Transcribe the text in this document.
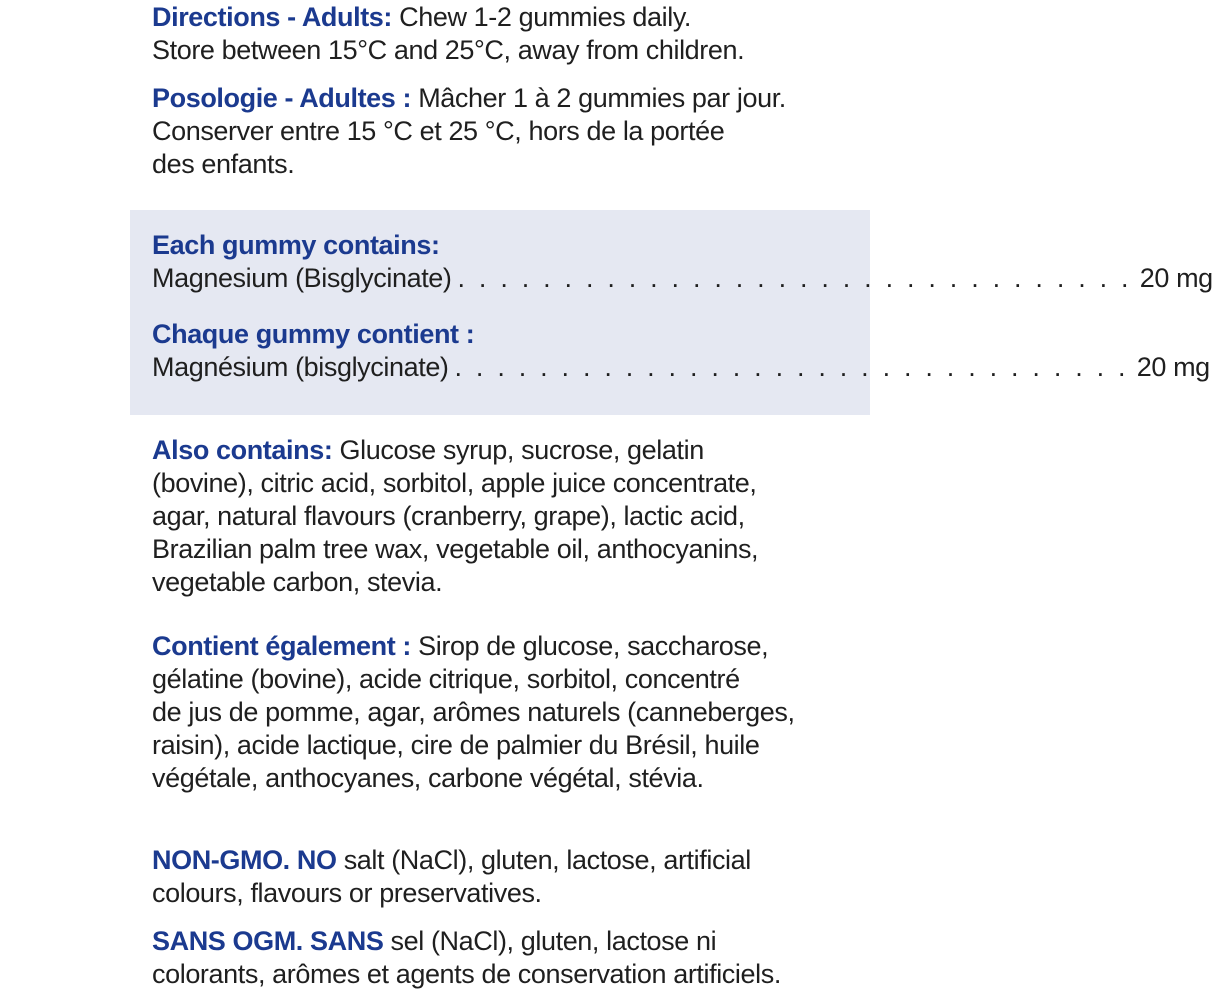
Directions - Adults: Chew 1-2 gummies daily.

Store between 15°C and 25°C, away from children.

Posologie - Adultes : Mâcher 1 à 2 gummies par jour.

Conserver entre 15 °C et 25 °C, hors de la portée

des enfants.

Each gummy contains:

Magnesium (Bisglycinate) . . . . . . . . . . . . . . . . . . . . . . . . . . . . . . . . 20 mg

Chaque gummy contient :

Magnésium (bisglycinate) . . . . . . . . . . . . . . . . . . . . . . . . . . . . . . . . 20 mg

Also contains: Glucose syrup, sucrose, gelatin

(bovine), citric acid, sorbitol, apple juice concentrate,

agar, natural flavours (cranberry, grape), lactic acid,

Brazilian palm tree wax, vegetable oil, anthocyanins,

vegetable carbon, stevia.

Contient également : Sirop de glucose, saccharose,

gélatine (bovine), acide citrique, sorbitol, concentré

de jus de pomme, agar, arômes naturels (canneberges,

raisin), acide lactique, cire de palmier du Brésil, huile

végétale, anthocyanes, carbone végétal, stévia.

NON-GMO. NO salt (NaCl), gluten, lactose, artificial

colours, flavours or preservatives.

SANS OGM. SANS sel (NaCl), gluten, lactose ni

colorants, arômes et agents de conservation artificiels.
